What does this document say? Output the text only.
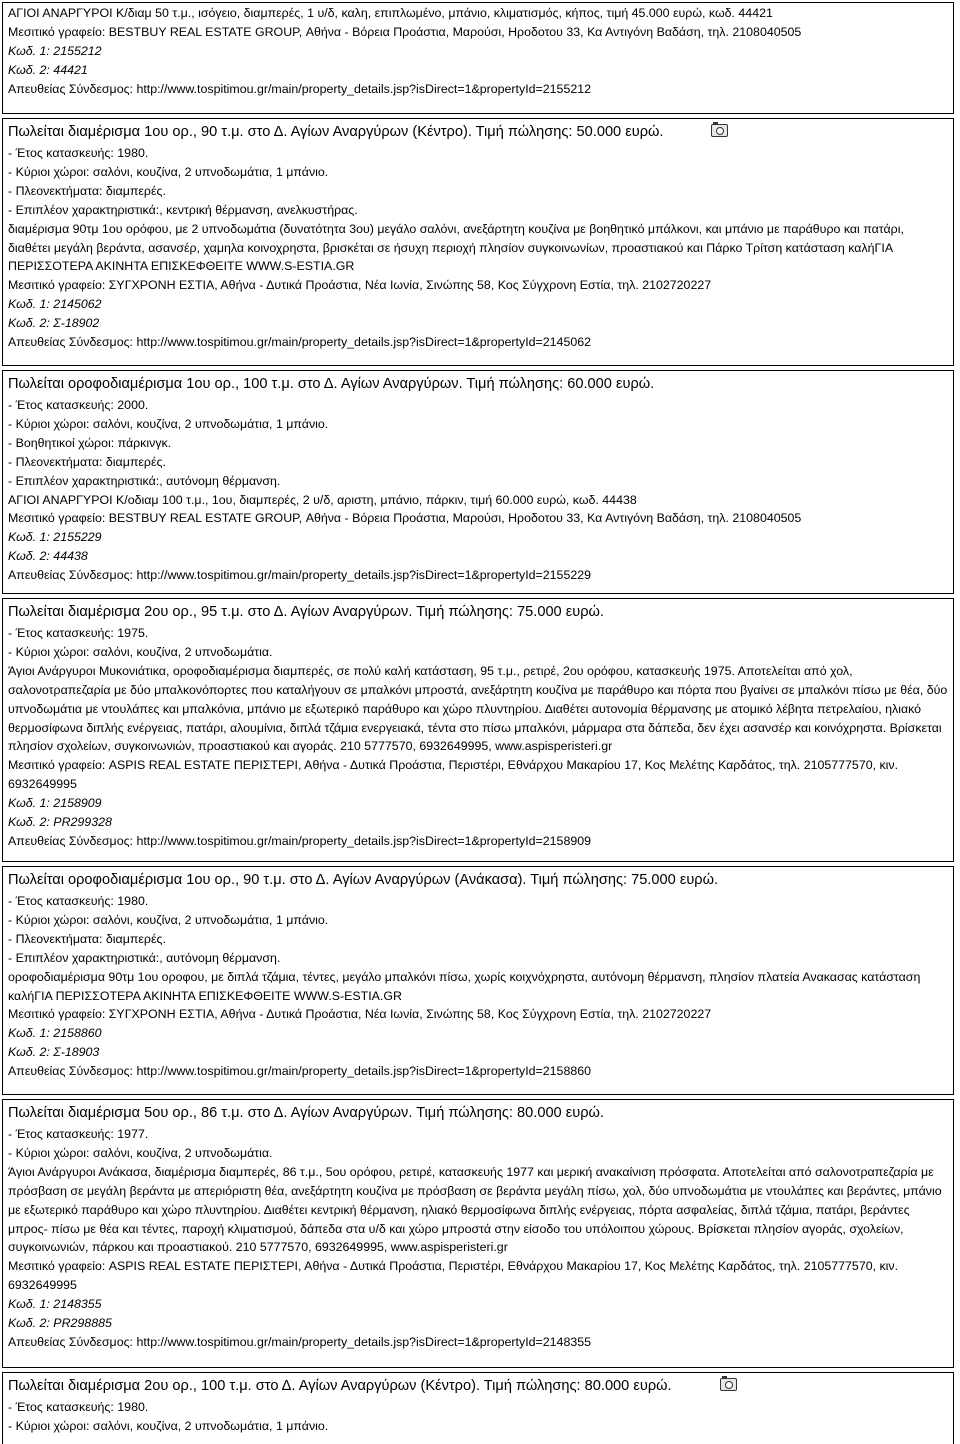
ΑΓΙΟΙ ΑΝΑΡΓΥΡΟΙ Κ/διαμ 50 τ.μ., ισόγειο, διαμπερές, 1 υ/δ, καλη, επιπλωμένο, μπάνιο, κλιματισμός, κήπος, τιμή 45.000 ευρώ, κωδ. 44421

Μεσιτικό γραφείο: BESTBUY REAL ESTATE GROUP, Αθήνα - Βόρεια Προάστια, Μαρούσι, Ηροδοτου 33, Κα Αντιγόνη Βαδάση, τηλ. 2108040505

Κωδ. 1: 2155212

Κωδ. 2: 44421

Απευθείας Σύνδεσμος: http://www.tospitimou.gr/main/property_details.jsp?isDirect=1&propertyId=2155212

Πωλείται διαμέρισμα 1ου ορ., 90 τ.μ. στο Δ. Αγίων Αναργύρων (Κέντρο). Τιμή πώλησης: 50.000 ευρώ.

- Έτος κατασκευής: 1980.

- Κύριοι χώροι: σαλόνι, κουζίνα, 2 υπνοδωμάτια, 1 μπάνιο.

- Πλεονεκτήματα: διαμπερές.

- Επιπλέον χαρακτηριστικά:, κεντρική θέρμανση, ανελκυστήρας.

διαμέρισμα 90τμ 1ου ορόφου, με 2 υπνοδωμάτια (δυνατότητα 3ου) μεγάλο σαλόνι, ανεξάρτητη κουζίνα με βοηθητικό μπάλκονι, και μπάνιο με παράθυρο και πατάρι, διαθέτει μεγάλη βεράντα, ασανσέρ, χαμηλα κοινοχρηστα, βρισκέται σε ήσυχη περιοχή πλησίον συγκοινωνίων, προαστιακού και Πάρκο Τρίτση κατάσταση καλήΓΙΑ ΠΕΡΙΣΣΟΤΕΡΑ ΑΚΙΝΗΤΑ ΕΠΙΣΚΕΦΘΕΙΤΕ WWW.S-ESTIA.GR

Μεσιτικό γραφείο: ΣΥΓΧΡΟΝΗ ΕΣΤΙΑ, Αθήνα - Δυτικά Προάστια, Νέα Ιωνία, Σινώπης 58, Κος Σύγχρονη Εστία, τηλ. 2102720227

Κωδ. 1: 2145062

Κωδ. 2: Σ-18902

Απευθείας Σύνδεσμος: http://www.tospitimou.gr/main/property_details.jsp?isDirect=1&propertyId=2145062

Πωλείται οροφοδιαμέρισμα 1ου ορ., 100 τ.μ. στο Δ. Αγίων Αναργύρων. Τιμή πώλησης: 60.000 ευρώ.

- Έτος κατασκευής: 2000.

- Κύριοι χώροι: σαλόνι, κουζίνα, 2 υπνοδωμάτια, 1 μπάνιο.

- Βοηθητικοί χώροι: πάρκινγκ.

- Πλεονεκτήματα: διαμπερές.

- Επιπλέον χαρακτηριστικά:, αυτόνομη θέρμανση.

ΑΓΙΟΙ ΑΝΑΡΓΥΡΟΙ Κ/οδιαμ 100 τ.μ., 1ου, διαμπερές, 2 υ/δ, αριστη, μπάνιο, πάρκιν, τιμή 60.000 ευρώ, κωδ. 44438

Μεσιτικό γραφείο: BESTBUY REAL ESTATE GROUP, Αθήνα - Βόρεια Προάστια, Μαρούσι, Ηροδοτου 33, Κα Αντιγόνη Βαδάση, τηλ. 2108040505

Κωδ. 1: 2155229

Κωδ. 2: 44438

Απευθείας Σύνδεσμος: http://www.tospitimou.gr/main/property_details.jsp?isDirect=1&propertyId=2155229

Πωλείται διαμέρισμα 2ου ορ., 95 τ.μ. στο Δ. Αγίων Αναργύρων. Τιμή πώλησης: 75.000 ευρώ.

- Έτος κατασκευής: 1975.

- Κύριοι χώροι: σαλόνι, κουζίνα, 2 υπνοδωμάτια.

Άγιοι Ανάργυροι Μυκονιάτικα, οροφοδιαμέρισμα διαμπερές, σε πολύ καλή κατάσταση, 95 τ.μ., ρετιρέ, 2ου ορόφου, κατασκευής 1975. Αποτελείται από χολ, σαλονοτραπεζαρία με δύο μπαλκονόπορτες που καταλήγουν σε μπαλκόνι μπροστά, ανεξάρτητη κουζίνα με παράθυρο και πόρτα που βγαίνει σε μπαλκόνι πίσω με θέα, δύο υπνοδωμάτια με ντουλάπες και μπαλκόνια, μπάνιο με εξωτερικό παράθυρο και χώρο πλυντηρίου. Διαθέτει αυτονομία θέρμανσης με ατομικό λέβητα πετρελαίου, ηλιακό θερμοσίφωνα διπλής ενέργειας, πατάρι, αλουμίνια, διπλά τζάμια ενεργειακά, τέντα στο πίσω μπαλκόνι, μάρμαρα στα δάπεδα, δεν έχει ασανσέρ και κοινόχρηστα. Βρίσκεται πλησίον σχολείων, συγκοινωνιών, προαστιακού και αγοράς. 210 5777570, 6932649995, www.aspisperisteri.gr

Μεσιτικό γραφείο: ASPIS REAL ESTATE ΠΕΡΙΣΤΕΡΙ, Αθήνα - Δυτικά Προάστια, Περιστέρι, Εθνάρχου Μακαρίου 17, Κος Μελέτης Καρδάτος, τηλ. 2105777570, κιν. 6932649995

Κωδ. 1: 2158909

Κωδ. 2: PR299328

Απευθείας Σύνδεσμος: http://www.tospitimou.gr/main/property_details.jsp?isDirect=1&propertyId=2158909

Πωλείται οροφοδιαμέρισμα 1ου ορ., 90 τ.μ. στο Δ. Αγίων Αναργύρων (Ανάκασα). Τιμή πώλησης: 75.000 ευρώ.

- Έτος κατασκευής: 1980.

- Κύριοι χώροι: σαλόνι, κουζίνα, 2 υπνοδωμάτια, 1 μπάνιο.

- Πλεονεκτήματα: διαμπερές.

- Επιπλέον χαρακτηριστικά:, αυτόνομη θέρμανση.

οροφοδιαμέρισμα 90τμ 1ου οροφου, με διπλά τζάμια, τέντες, μεγάλο μπαλκόνι πίσω, χωρίς κοιχνόχρηστα, αυτόνομη θέρμανση, πλησίον πλατεία Ανακασας κατάσταση καλήΓΙΑ ΠΕΡΙΣΣΟΤΕΡΑ ΑΚΙΝΗΤΑ ΕΠΙΣΚΕΦΘΕΙΤΕ WWW.S-ESTIA.GR

Μεσιτικό γραφείο: ΣΥΓΧΡΟΝΗ ΕΣΤΙΑ, Αθήνα - Δυτικά Προάστια, Νέα Ιωνία, Σινώπης 58, Κος Σύγχρονη Εστία, τηλ. 2102720227

Κωδ. 1: 2158860

Κωδ. 2: Σ-18903

Απευθείας Σύνδεσμος: http://www.tospitimou.gr/main/property_details.jsp?isDirect=1&propertyId=2158860

Πωλείται διαμέρισμα 5ου ορ., 86 τ.μ. στο Δ. Αγίων Αναργύρων. Τιμή πώλησης: 80.000 ευρώ.

- Έτος κατασκευής: 1977.

- Κύριοι χώροι: σαλόνι, κουζίνα, 2 υπνοδωμάτια.

Άγιοι Ανάργυροι Ανάκασα, διαμέρισμα διαμπερές, 86 τ.μ., 5ου ορόφου, ρετιρέ, κατασκευής 1977 και μερική ανακαίνιση πρόσφατα. Αποτελείται από σαλονοτραπεζαρία με πρόσβαση σε μεγάλη βεράντα με απεριόριστη θέα, ανεξάρτητη κουζίνα με πρόσβαση σε βεράντα μεγάλη πίσω, χολ, δύο υπνοδωμάτια με ντουλάπες και βεράντες, μπάνιο με εξωτερικό παράθυρο και χώρο πλυντηρίου. Διαθέτει κεντρική θέρμανση, ηλιακό θερμοσίφωνα διπλής ενέργειας, πόρτα ασφαλείας, διπλά τζάμια, πατάρι, βεράντες μπρος- πίσω με θέα και τέντες, παροχή κλιματισμού, δάπεδα στα υ/δ και χώρο μπροστά στην είσοδο του υπόλοιπου χώρους. Βρίσκεται πλησίον αγοράς, σχολείων, συγκοινωνιών, πάρκου και προαστιακού. 210 5777570, 6932649995, www.aspisperisteri.gr

Μεσιτικό γραφείο: ASPIS REAL ESTATE ΠΕΡΙΣΤΕΡΙ, Αθήνα - Δυτικά Προάστια, Περιστέρι, Εθνάρχου Μακαρίου 17, Κος Μελέτης Καρδάτος, τηλ. 2105777570, κιν. 6932649995

Κωδ. 1: 2148355

Κωδ. 2: PR298885

Απευθείας Σύνδεσμος: http://www.tospitimou.gr/main/property_details.jsp?isDirect=1&propertyId=2148355

Πωλείται διαμέρισμα 2ου ορ., 100 τ.μ. στο Δ. Αγίων Αναργύρων (Κέντρο). Τιμή πώλησης: 80.000 ευρώ.

- Έτος κατασκευής: 1980.

- Κύριοι χώροι: σαλόνι, κουζίνα, 2 υπνοδωμάτια, 1 μπάνιο.
